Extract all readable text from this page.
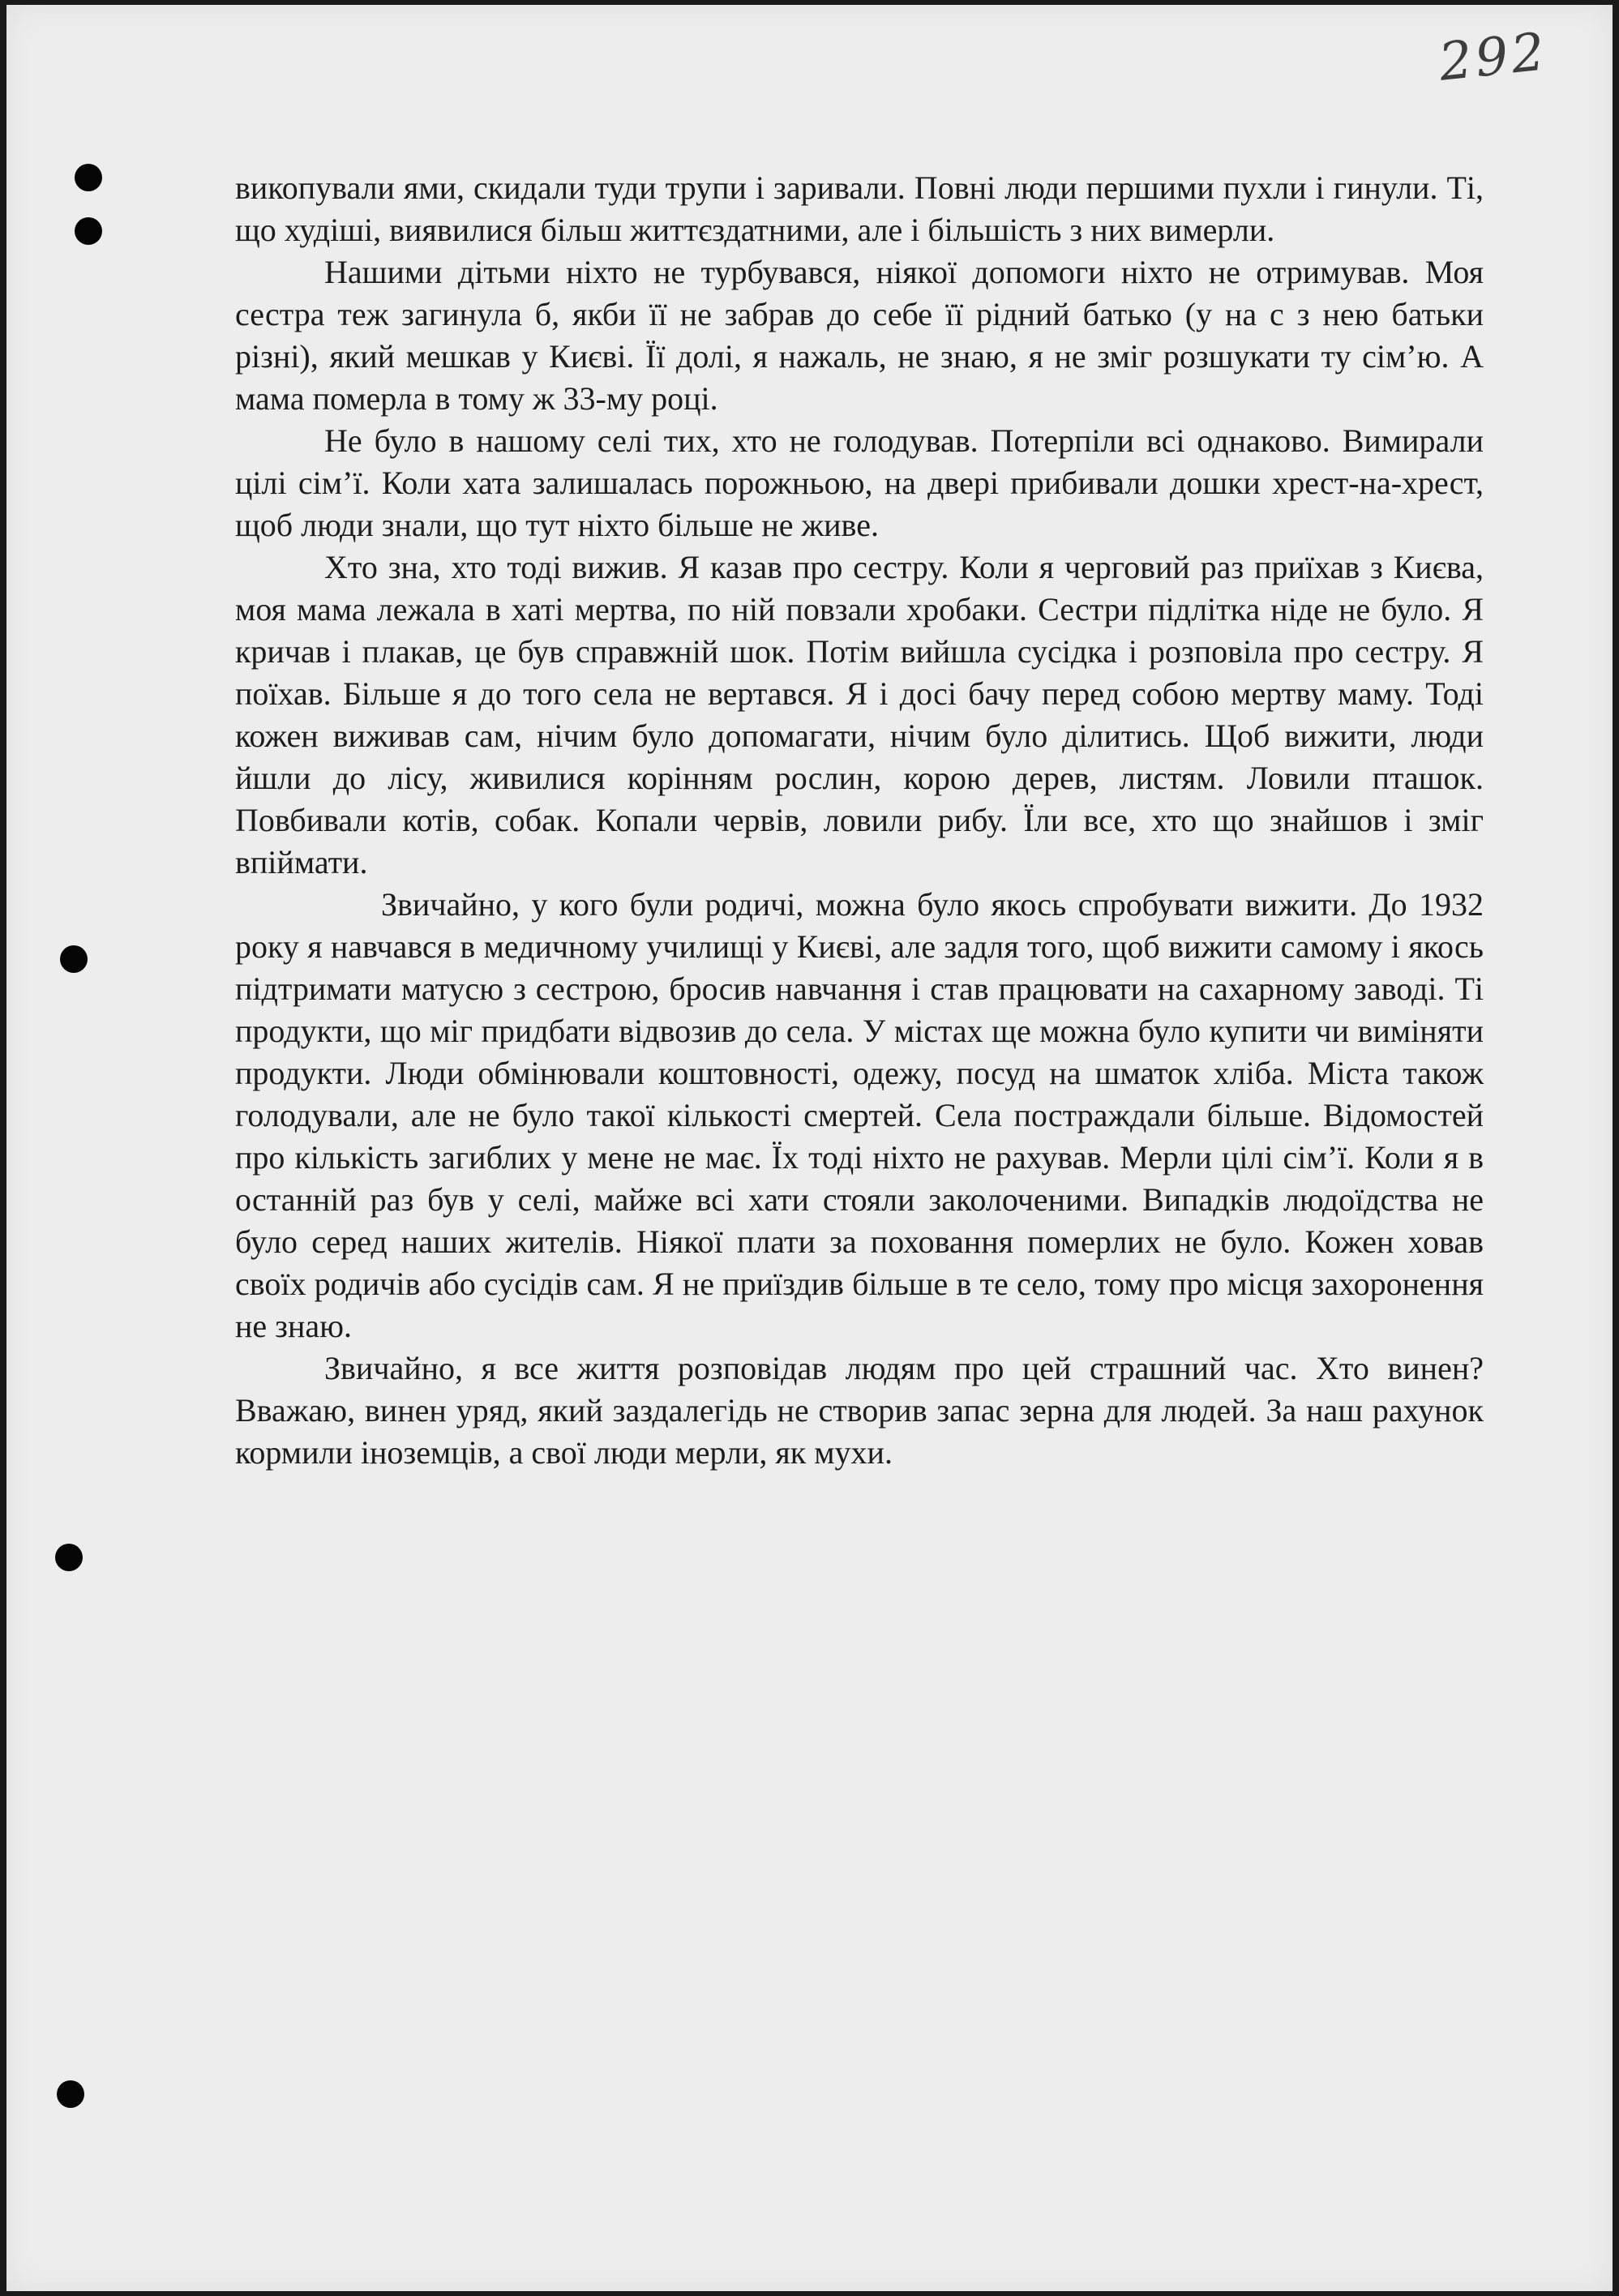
292

викопували ями, скидали туди трупи і заривали. Повні люди першими пухли і гинули. Ті, що худіші, виявилися більш життєздатними, але і більшість з них вимерли.

Нашими дітьми ніхто не турбувався, ніякої допомоги ніхто не отримував. Моя сестра теж загинула б, якби її не забрав до себе її рідний батько (у на с з нею батьки різні), який мешкав у Києві. Її долі, я нажаль, не знаю, я не зміг розшукати ту сім’ю. А мама померла в тому ж 33-му році.

Не було в нашому селі тих, хто не голодував. Потерпіли всі однаково. Вимирали цілі сім’ї. Коли хата залишалась порожньою, на двері прибивали дошки хрест-на-хрест, щоб люди знали, що тут ніхто більше не живе.

Хто зна, хто тоді вижив. Я казав про сестру. Коли я черговий раз приїхав з Києва, моя мама лежала в хаті мертва, по ній повзали хробаки. Сестри підлітка ніде не було. Я кричав і плакав, це був справжній шок. Потім вийшла сусідка і розповіла про сестру. Я поїхав. Більше я до того села не вертався. Я і досі бачу перед собою мертву маму. Тоді кожен виживав сам, нічим було допомагати, нічим було ділитись. Щоб вижити, люди йшли до лісу, живилися корінням рослин, корою дерев, листям. Ловили пташок. Повбивали котів, собак. Копали червів, ловили рибу. Їли все, хто що знайшов і зміг впіймати.

Звичайно, у кого були родичі, можна було якось спробувати вижити. До 1932 року я навчався в медичному училищі у Києві, але задля того, щоб вижити самому і якось підтримати матусю з сестрою, бросив навчання і став працювати на сахарному заводі. Ті продукти, що міг придбати відвозив до села. У містах ще можна було купити чи виміняти продукти. Люди обмінювали коштовності, одежу, посуд на шматок хліба. Міста також голодували, але не було такої кількості смертей. Села постраждали більше. Відомостей про кількість загиблих у мене не має. Їх тоді ніхто не рахував. Мерли цілі сім’ї. Коли я в останній раз був у селі, майже всі хати стояли заколоченими. Випадків людоїдства не було серед наших жителів. Ніякої плати за поховання померлих не було. Кожен ховав своїх родичів або сусідів сам. Я не приїздив більше в те село, тому про місця захоронення не знаю.

Звичайно, я все життя розповідав людям про цей страшний час. Хто винен? Вважаю, винен уряд, який заздалегідь не створив запас зерна для людей. За наш рахунок кормили іноземців, а свої люди мерли, як мухи.
